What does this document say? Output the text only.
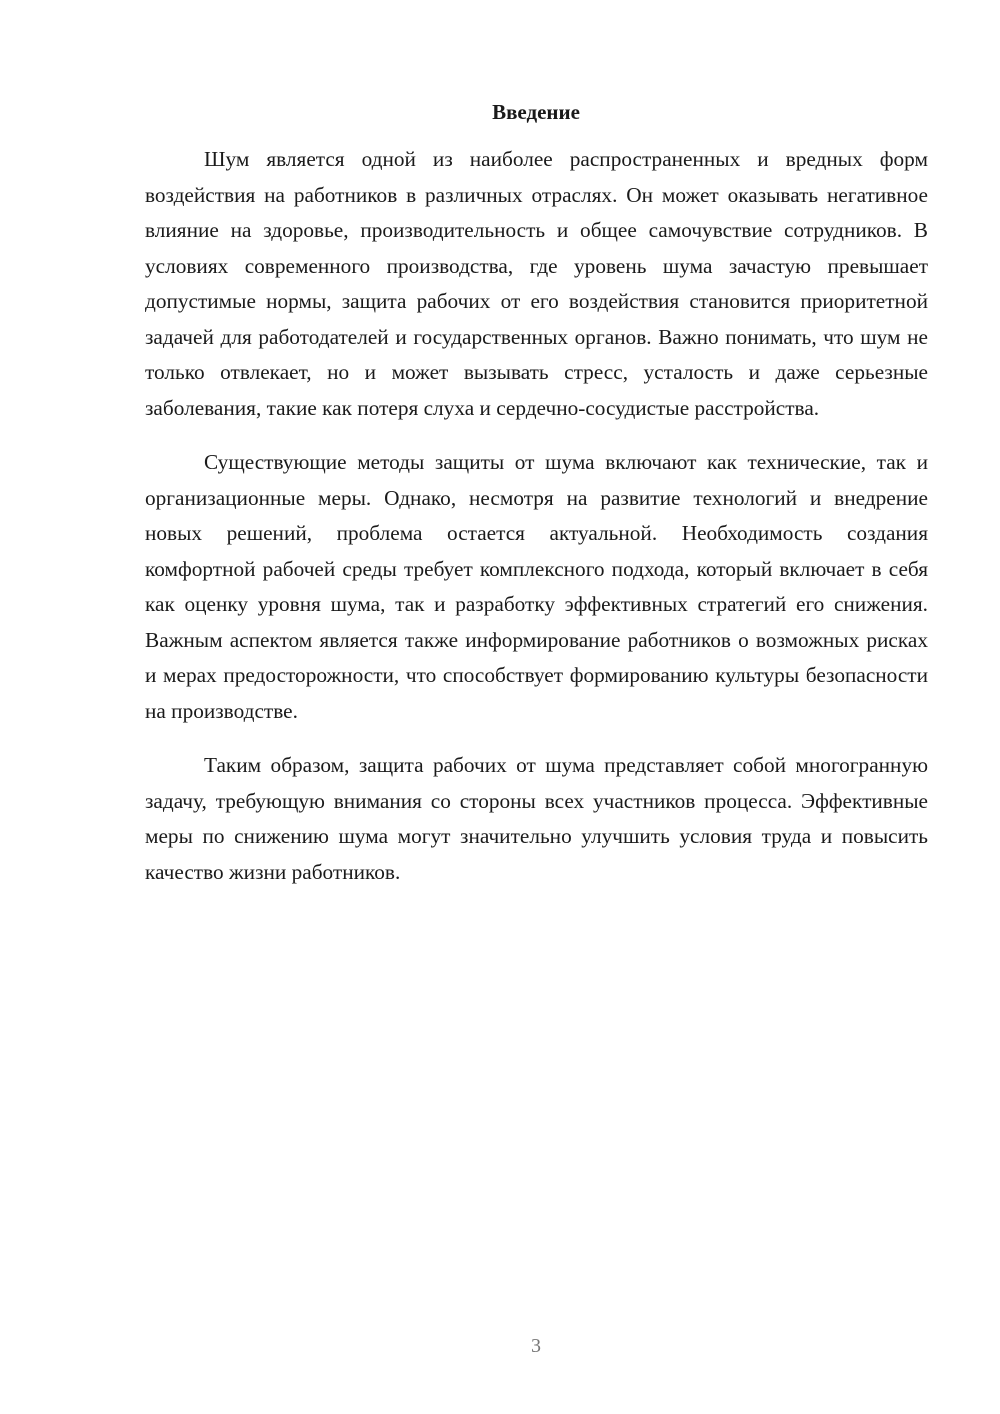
Введение

Шум является одной из наиболее распространенных и вредных форм воздействия на работников в различных отраслях. Он может оказывать негативное влияние на здоровье, производительность и общее самочувствие сотрудников. В условиях современного производства, где уровень шума зачастую превышает допустимые нормы, защита рабочих от его воздействия становится приоритетной задачей для работодателей и государственных органов. Важно понимать, что шум не только отвлекает, но и может вызывать стресс, усталость и даже серьезные заболевания, такие как потеря слуха и сердечно-сосудистые расстройства.

Существующие методы защиты от шума включают как технические, так и организационные меры. Однако, несмотря на развитие технологий и внедрение новых решений, проблема остается актуальной. Необходимость создания комфортной рабочей среды требует комплексного подхода, который включает в себя как оценку уровня шума, так и разработку эффективных стратегий его снижения. Важным аспектом является также информирование работников о возможных рисках и мерах предосторожности, что способствует формированию культуры безопасности на производстве.

Таким образом, защита рабочих от шума представляет собой многогранную задачу, требующую внимания со стороны всех участников процесса. Эффективные меры по снижению шума могут значительно улучшить условия труда и повысить качество жизни работников.

3
